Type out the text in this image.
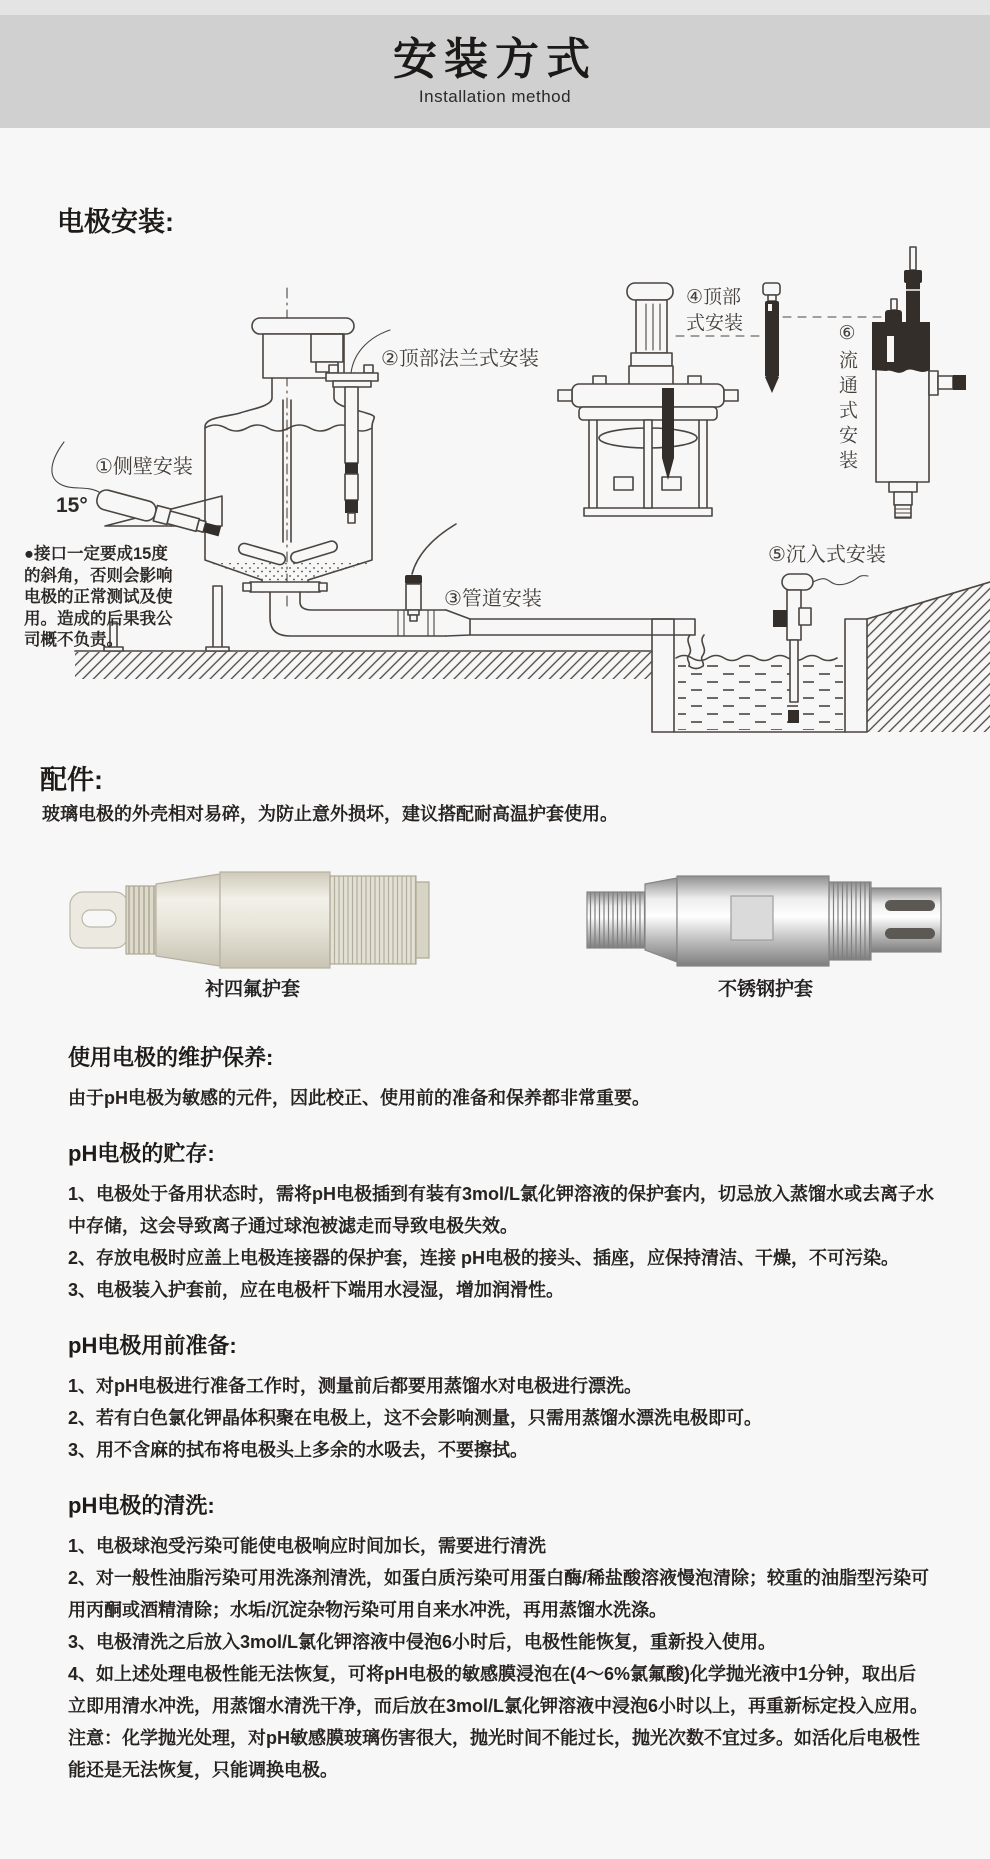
安装方式
Installation method
电极安装:
①侧壁安装
15°
②顶部法兰式安装
③管道安装
④顶部
式安装
⑤沉入式安装
⑥流通式安装
●接口一定要成15度
的斜角，否则会影响
电极的正常测试及使
用。造成的后果我公
司概不负责。
配件:
玻璃电极的外壳相对易碎，为防止意外损坏，建议搭配耐高温护套使用。
衬四氟护套	不锈钢护套
使用电极的维护保养:

由于pH电极为敏感的元件，因此校正、使用前的准备和保养都非常重要。

pH电极的贮存:

1、电极处于备用状态时，需将pH电极插到有装有3mol/L氯化钾溶液的保护套内，切忌放入蒸馏水或去离子水中存储，这会导致离子通过球泡被滤走而导致电极失效。

2、存放电极时应盖上电极连接器的保护套，连接 pH电极的接头、插座，应保持清洁、干燥，不可污染。

3、电极装入护套前，应在电极杆下端用水浸湿，增加润滑性。

pH电极用前准备:

1、对pH电极进行准备工作时，测量前后都要用蒸馏水对电极进行漂洗。

2、若有白色氯化钾晶体积聚在电极上，这不会影响测量，只需用蒸馏水漂洗电极即可。

3、用不含麻的拭布将电极头上多余的水吸去，不要擦拭。

pH电极的清洗:

1、电极球泡受污染可能使电极响应时间加长，需要进行清洗

2、对一般性油脂污染可用洗涤剂清洗，如蛋白质污染可用蛋白酶/稀盐酸溶液慢泡清除；较重的油脂型污染可用丙酮或酒精清除；水垢/沉淀杂物污染可用自来水冲洗，再用蒸馏水洗涤。

3、电极清洗之后放入3mol/L氯化钾溶液中侵泡6小时后，电极性能恢复，重新投入使用。

4、如上述处理电极性能无法恢复，可将pH电极的敏感膜浸泡在(4～6%氯氟酸)化学抛光液中1分钟，取出后立即用清水冲洗，用蒸馏水清洗干净，而后放在3mol/L氯化钾溶液中浸泡6小时以上，再重新标定投入应用。

注意：化学抛光处理，对pH敏感膜玻璃伤害很大，抛光时间不能过长，抛光次数不宜过多。如活化后电极性能还是无法恢复，只能调换电极。
